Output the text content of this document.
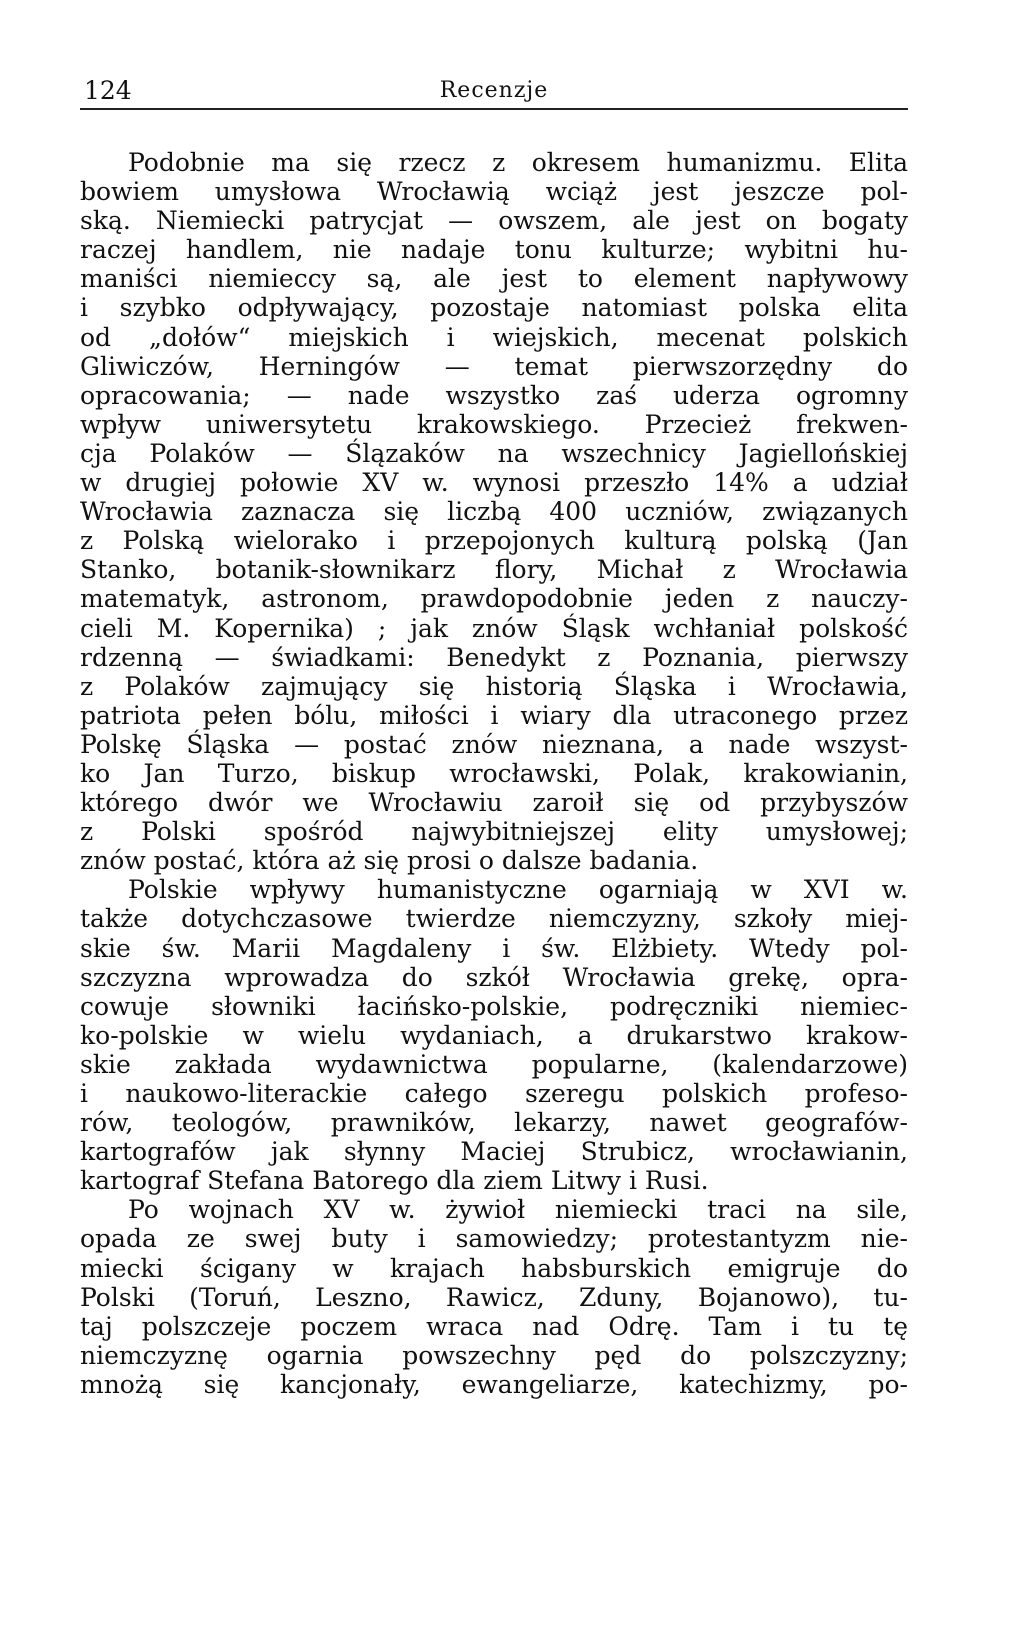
124	Recenzje
Podobnie ma się rzecz z okresem humanizmu. Elita
bowiem umysłowa Wrocławią wciąż jest jeszcze pol-
ską. Niemiecki patrycjat — owszem, ale jest on bogaty
raczej handlem, nie nadaje tonu kulturze; wybitni hu-
maniści niemieccy są, ale jest to element napływowy
i szybko odpływający, pozostaje natomiast polska elita
od „dołów“ miejskich i wiejskich, mecenat polskich
Gliwiczów, Herningów — temat pierwszorzędny do
opracowania; — nade wszystko zaś uderza ogromny
wpływ uniwersytetu krakowskiego. Przecież frekwen-
cja Polaków — Ślązaków na wszechnicy Jagiellońskiej
w drugiej połowie XV w. wynosi przeszło 14% a udział
Wrocławia zaznacza się liczbą 400 uczniów, związanych
z Polską wielorako i przepojonych kulturą polską (Jan
Stanko, botanik-słownikarz flory, Michał z Wrocławia
matematyk, astronom, prawdopodobnie jeden z nauczy-
cieli M. Kopernika) ; jak znów Śląsk wchłaniał polskość
rdzenną — świadkami: Benedykt z Poznania, pierwszy
z Polaków zajmujący się historią Śląska i Wrocławia,
patriota pełen bólu, miłości i wiary dla utraconego przez
Polskę Śląska — postać znów nieznana, a nade wszyst-
ko Jan Turzo, biskup wrocławski, Polak, krakowianin,
którego dwór we Wrocławiu zaroił się od przybyszów
z Polski spośród najwybitniejszej elity umysłowej;
znów postać, która aż się prosi o dalsze badania.
Polskie wpływy humanistyczne ogarniają w XVI w.
także dotychczasowe twierdze niemczyzny, szkoły miej-
skie św. Marii Magdaleny i św. Elżbiety. Wtedy pol-
szczyzna wprowadza do szkół Wrocławia grekę, opra-
cowuje słowniki łacińsko-polskie, podręczniki niemiec-
ko-polskie w wielu wydaniach, a drukarstwo krakow-
skie zakłada wydawnictwa popularne, (kalendarzowe)
i naukowo-literackie całego szeregu polskich profeso-
rów, teologów, prawników, lekarzy, nawet geografów-
kartografów jak słynny Maciej Strubicz, wrocławianin,
kartograf Stefana Batorego dla ziem Litwy i Rusi.
Po wojnach XV w. żywioł niemiecki traci na sile,
opada ze swej buty i samowiedzy; protestantyzm nie-
miecki ścigany w krajach habsburskich emigruje do
Polski (Toruń, Leszno, Rawicz, Zduny, Bojanowo), tu-
taj polszczeje poczem wraca nad Odrę. Tam i tu tę
niemczyznę ogarnia powszechny pęd do polszczyzny;
mnożą się kancjonały, ewangeliarze, katechizmy, po-
